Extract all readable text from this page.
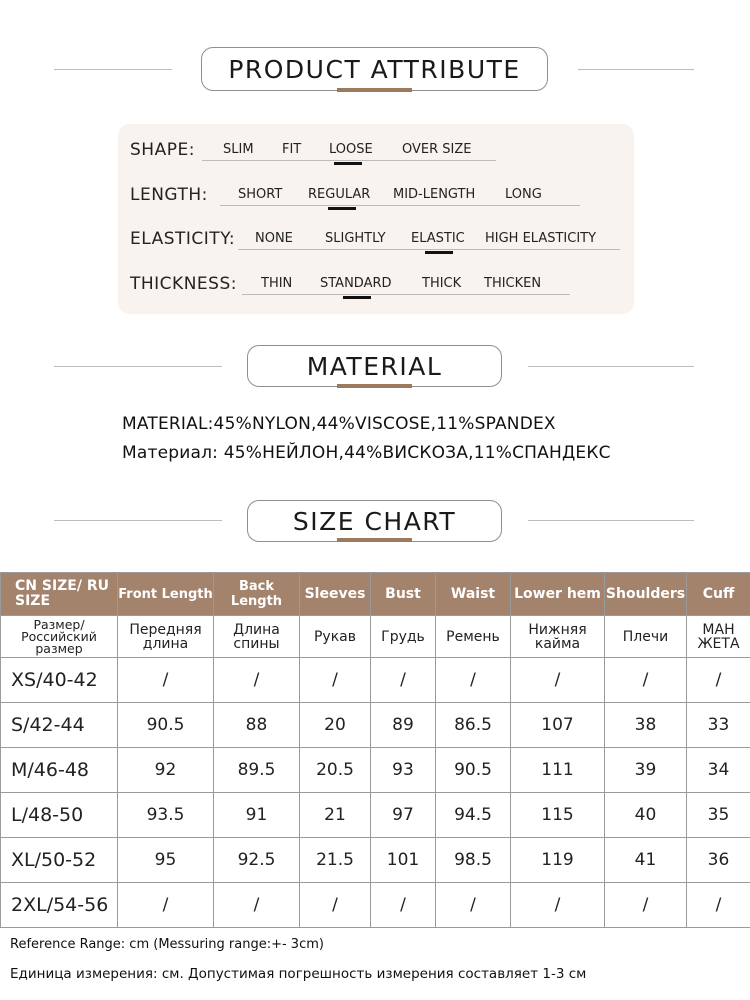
PRODUCT ATTRIBUTE
SHAPE: SLIM FIT LOOSE OVER SIZE
LENGTH: SHORT REGULAR MID-LENGTH LONG
ELASTICITY: NONE SLIGHTLY ELASTIC HIGH ELASTICITY
THICKNESS: THIN STANDARD THICK THICKEN
MATERIAL
MATERIAL:45%NYLON,44%VISCOSE,11%SPANDEX
Материал: 45%НЕЙЛОН,44%ВИСКОЗА,11%СПАНДЕКС
SIZE CHART
CN SIZE/ RU SIZE	Front Length	Back Length	Sleeves	Bust	Waist	Lower hem	Shoulders	Cuff
Размер/ Российский размер	Передняя длина	Длина спины	Рукав	Грудь	Ремень	Нижняя кайма	Плечи	МАН ЖЕТА
XS/40-42	/	/	/	/	/	/	/	/
S/42-44	90.5	88	20	89	86.5	107	38	33
M/46-48	92	89.5	20.5	93	90.5	111	39	34
L/48-50	93.5	91	21	97	94.5	115	40	35
XL/50-52	95	92.5	21.5	101	98.5	119	41	36
2XL/54-56	/	/	/	/	/	/	/	/
Reference Range: cm (Messuring range:+- 3cm)
Единица измерения: см. Допустимая погрешность измерения составляет 1-3 см
